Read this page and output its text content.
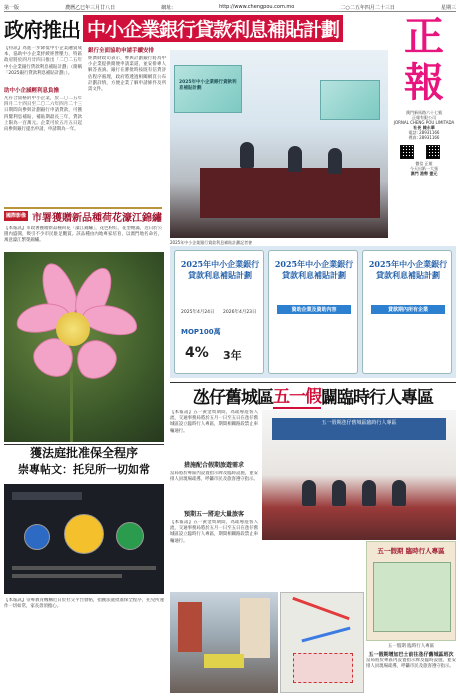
第一版	農曆乙巳年三月廿八日	網址:	http://www.chengpou.com.mo	二○二五年四月二十三日	星期三
政府推出 中小企業銀行貸款利息補貼計劃	正
報
澳門新馬路六十七號
正報有限公司
JORNAL CHENG POU LIMITADA
社長 陳永華
電話: 28931166
傳真: 28931166
微信 正報
今天出紙一大張
澳門 港幣 壹元

【特訊】為進一步降低中小企業融資成本，協助中小企業紓緩經營壓力，特區政府將於四月廿四日推出「二〇二五年中小企業銀行貸款利息補貼計劃」（簡稱「2025銀行貸款利息補貼計劃」）。

助中小企減輕利息負擔

凡符合資格的中小企業，於二〇二五年四月二十四日至二〇二六年四月二十三日期間向參與計劃銀行申請貸款，可獲四釐利息補貼，補貼期最長三年，貸款上限為一百萬元。企業可於五月五日起向參與銀行提出申請，申請期為一年。

銀行全面協助申請手續安排

經濟財政司表示，參與計劃銀行將為中小企業提供簡便申請渠道，並安排專人解答查詢。銀行在審批時按既有信貸評估程序處理，政府將透過相關網頁公布計劃詳情，方便企業了解申請條件及所需文件。

2025年中小企業銀行貸款利息補貼計劃
2025年中小企業銀行貸款利息補貼計劃記者會
國際影像 市署獲贈新品種荷花濠江錦繡

【本報訊】市政署獲贈新品種荷花「濠江錦繡」，花色粉紅，花型飽滿，近日於公園內盛開，吸引不少市民駐足觀賞。該品種由內地專家培育，以澳門地名命名，寓意濠江繁榮錦繡。

2025年中小企業銀行貸款利息補貼計劃
2025年4月24日 2026年4月23日
MOP100萬
4% 3年
2025年中小企業銀行貸款利息補貼計劃
資助企業及資助內容
2025年中小企業銀行貸款利息補貼計劃
貸款期內所有企業
氹仔舊城區 五一假 闢臨時行人專區

【本報訊】五一黃金周期間，為疏導遊客人流，交通事務局將於五月一日至五日在氹仔舊城區設立臨時行人專區，期間相關路段禁止車輛通行。

措施配合假期旅遊需求

當局將於專區內設置指示牌及臨時設施，並安排人員現場疏導，呼籲市民及旅客遵守指示。

預期五一將迎大量旅客

【本報訊】五一黃金周期間，為疏導遊客人流，交通事務局將於五月一日至五日在氹仔舊城區設立臨時行人專區，期間相關路段禁止車輛通行。

五一假期氹仔舊城區臨時行人專區
獲法庭批准保全程序
崇專帖文：托兒所一切如常

【本報訊】崇專教育機構近日於社交平台發帖，指獲法庭批准保全程序，托兒所運作一切如常，家長毋須擔心。

五一假期 臨時行人專區
五一假期 臨時行人專區

五一假期增加巴士前往氹仔舊城區班次

當局將於專區內設置指示牌及臨時設施，並安排人員現場疏導，呼籲市民及旅客遵守指示。
